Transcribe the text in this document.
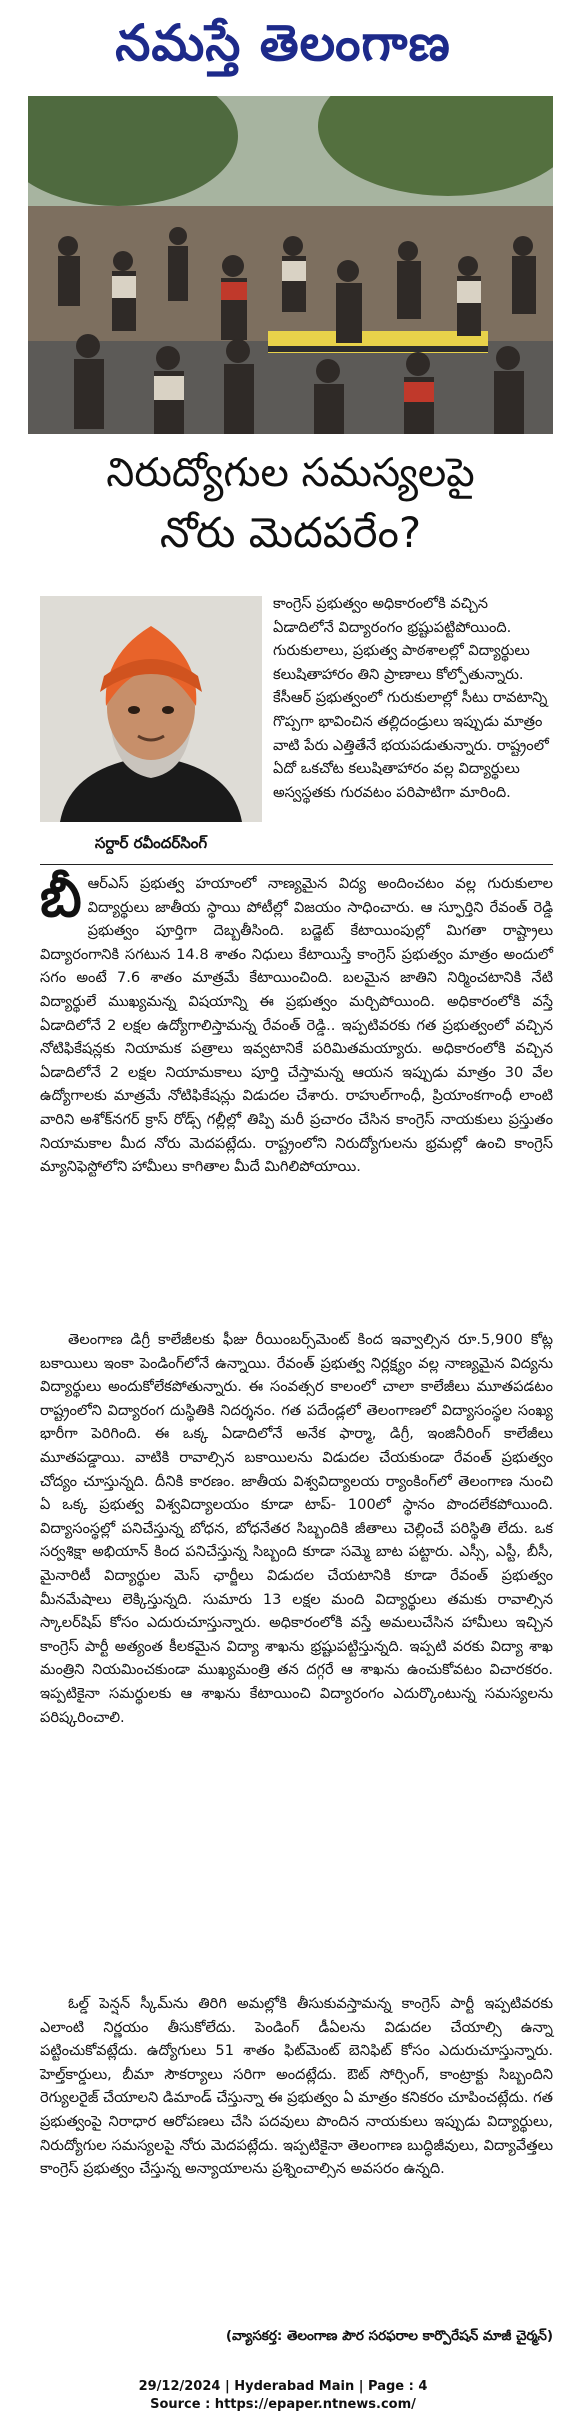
నమస్తే తెలంగాణ
నిరుద్యోగుల సమస్యలపై
నోరు మెదపరేం?
సర్దార్ రవీందర్‌సింగ్
కాంగ్రెస్ ప్రభుత్వం అధికారంలోకి వచ్చిన ఏడాదిలోనే విద్యారంగం భ్రష్టుపట్టిపోయింది. గురుకులాలు, ప్రభుత్వ పాఠశాలల్లో విద్యార్థులు కలుషితాహారం తిని ప్రాణాలు కోల్పోతున్నారు. కేసీఆర్ ప్రభుత్వంలో గురుకులాల్లో సీటు రావటాన్ని గొప్పగా భావించిన తల్లిదండ్రులు ఇప్పుడు మాత్రం వాటి పేరు ఎత్తితేనే భయపడుతున్నారు. రాష్ట్రంలో ఏదో ఒకచోట కలుషితాహారం వల్ల విద్యార్థులు అస్వస్థతకు గురవటం పరిపాటిగా మారింది.
బీ ఆర్ఎస్ ప్రభుత్వ హయాంలో నాణ్యమైన విద్య అందించటం వల్ల గురుకులాల విద్యార్థులు జాతీయ స్థాయి పోటీల్లో విజయం సాధించారు. ఆ స్ఫూర్తిని రేవంత్ రెడ్డి ప్రభుత్వం పూర్తిగా దెబ్బతీసింది. బడ్జెట్ కేటాయింపుల్లో మిగతా రాష్ట్రాలు విద్యారంగానికి సగటున 14.8 శాతం నిధులు కేటాయిస్తే కాంగ్రెస్ ప్రభుత్వం మాత్రం అందులో సగం అంటే 7.6 శాతం మాత్రమే కేటాయించింది. బలమైన జాతిని నిర్మించటానికి నేటి విద్యార్థులే ముఖ్యమన్న విషయాన్ని ఈ ప్రభుత్వం మర్చిపోయింది. అధికారంలోకి వస్తే ఏడాదిలోనే 2 లక్షల ఉద్యోగాలిస్తామన్న రేవంత్ రెడ్డి.. ఇప్పటివరకు గత ప్రభుత్వంలో వచ్చిన నోటిఫికేషన్లకు నియామక పత్రాలు ఇవ్వటానికే పరిమితమయ్యారు. అధికారంలోకి వచ్చిన ఏడాదిలోనే 2 లక్షల నియామకాలు పూర్తి చేస్తామన్న ఆయన ఇప్పుడు మాత్రం 30 వేల ఉద్యోగాలకు మాత్రమే నోటిఫికేషన్లు విడుదల చేశారు. రాహుల్‌గాంధీ, ప్రియాంకగాంధీ లాంటి వారిని అశోక్‌నగర్ క్రాస్ రోడ్స్ గల్లీల్లో తిప్పి మరీ ప్రచారం చేసిన కాంగ్రెస్ నాయకులు ప్రస్తుతం నియామకాల మీద నోరు మెదపట్లేదు. రాష్ట్రంలోని నిరుద్యోగులను భ్రమల్లో ఉంచి కాంగ్రెస్ మ్యానిఫెస్టోలోని హామీలు కాగితాల మీదే మిగిలిపోయాయి.
తెలంగాణ డిగ్రీ కాలేజీలకు ఫీజు రీయింబర్స్‌మెంట్ కింద ఇవ్వాల్సిన రూ.5,900 కోట్ల బకాయిలు ఇంకా పెండింగ్‌లోనే ఉన్నాయి. రేవంత్ ప్రభుత్వ నిర్లక్ష్యం వల్ల నాణ్యమైన విద్యను విద్యార్థులు అందుకోలేకపోతున్నారు. ఈ సంవత్సర కాలంలో చాలా కాలేజీలు మూతపడటం రాష్ట్రంలోని విద్యారంగ దుస్థితికి నిదర్శనం. గత పదేండ్లలో తెలంగాణలో విద్యాసంస్థల సంఖ్య భారీగా పెరిగింది. ఈ ఒక్క ఏడాదిలోనే అనేక ఫార్మా, డిగ్రీ, ఇంజినీరింగ్ కాలేజీలు మూతపడ్డాయి. వాటికి రావాల్సిన బకాయిలను విడుదల చేయకుండా రేవంత్ ప్రభుత్వం చోద్యం చూస్తున్నది. దీనికి కారణం. జాతీయ విశ్వవిద్యాలయ ర్యాంకింగ్‌లో తెలంగాణ నుంచి ఏ ఒక్క ప్రభుత్వ విశ్వవిద్యాలయం కూడా టాప్- 100లో స్థానం పొందలేకపోయింది. విద్యాసంస్థల్లో పనిచేస్తున్న బోధన, బోధనేతర సిబ్బందికి జీతాలు చెల్లించే పరిస్థితి లేదు. ఒక సర్వశిక్షా అభియాన్ కింద పనిచేస్తున్న సిబ్బంది కూడా సమ్మె బాట పట్టారు. ఎస్సీ, ఎస్టీ, బీసీ, మైనారిటీ విద్యార్థుల మెస్ ఛార్జీలు విడుదల చేయటానికి కూడా రేవంత్ ప్రభుత్వం మీనమేషాలు లెక్కిస్తున్నది. సుమారు 13 లక్షల మంది విద్యార్థులు తమకు రావాల్సిన స్కాలర్‌షిప్ కోసం ఎదురుచూస్తున్నారు. అధికారంలోకి వస్తే అమలుచేసిన హామీలు ఇచ్చిన కాంగ్రెస్ పార్టీ అత్యంత కీలకమైన విద్యా శాఖను భ్రష్టుపట్టిస్తున్నది. ఇప్పటి వరకు విద్యా శాఖ మంత్రిని నియమించకుండా ముఖ్యమంత్రి తన దగ్గరే ఆ శాఖను ఉంచుకోవటం విచారకరం. ఇప్పటికైనా సమర్థులకు ఆ శాఖను కేటాయించి విద్యారంగం ఎదుర్కొంటున్న సమస్యలను పరిష్కరించాలి.
ఓల్డ్ పెన్షన్ స్కీమ్‌ను తిరిగి అమల్లోకి తీసుకువస్తామన్న కాంగ్రెస్ పార్టీ ఇప్పటివరకు ఎలాంటి నిర్ణయం తీసుకోలేదు. పెండింగ్ డీఏలను విడుదల చేయాల్సి ఉన్నా పట్టించుకోవట్లేదు. ఉద్యోగులు 51 శాతం ఫిట్‌మెంట్ బెనిఫిట్ కోసం ఎదురుచూస్తున్నారు. హెల్త్‌కార్డులు, బీమా సౌకర్యాలు సరిగా అందట్లేదు. ఔట్ సోర్సింగ్, కాంట్రాక్టు సిబ్బందిని రెగ్యులరైజ్ చేయాలని డిమాండ్ చేస్తున్నా ఈ ప్రభుత్వం ఏ మాత్రం కనికరం చూపించట్లేదు. గత ప్రభుత్వంపై నిరాధార ఆరోపణలు చేసి పదవులు పొందిన నాయకులు ఇప్పుడు విద్యార్థులు, నిరుద్యోగుల సమస్యలపై నోరు మెదపట్లేదు. ఇప్పటికైనా తెలంగాణ బుద్ధిజీవులు, విద్యావేత్తలు కాంగ్రెస్ ప్రభుత్వం చేస్తున్న అన్యాయాలను ప్రశ్నించాల్సిన అవసరం ఉన్నది.
(వ్యాసకర్త: తెలంగాణ పౌర సరఫరాల కార్పొరేషన్ మాజీ చైర్మన్)
29/12/2024 | Hyderabad Main | Page : 4
Source : https://epaper.ntnews.com/
